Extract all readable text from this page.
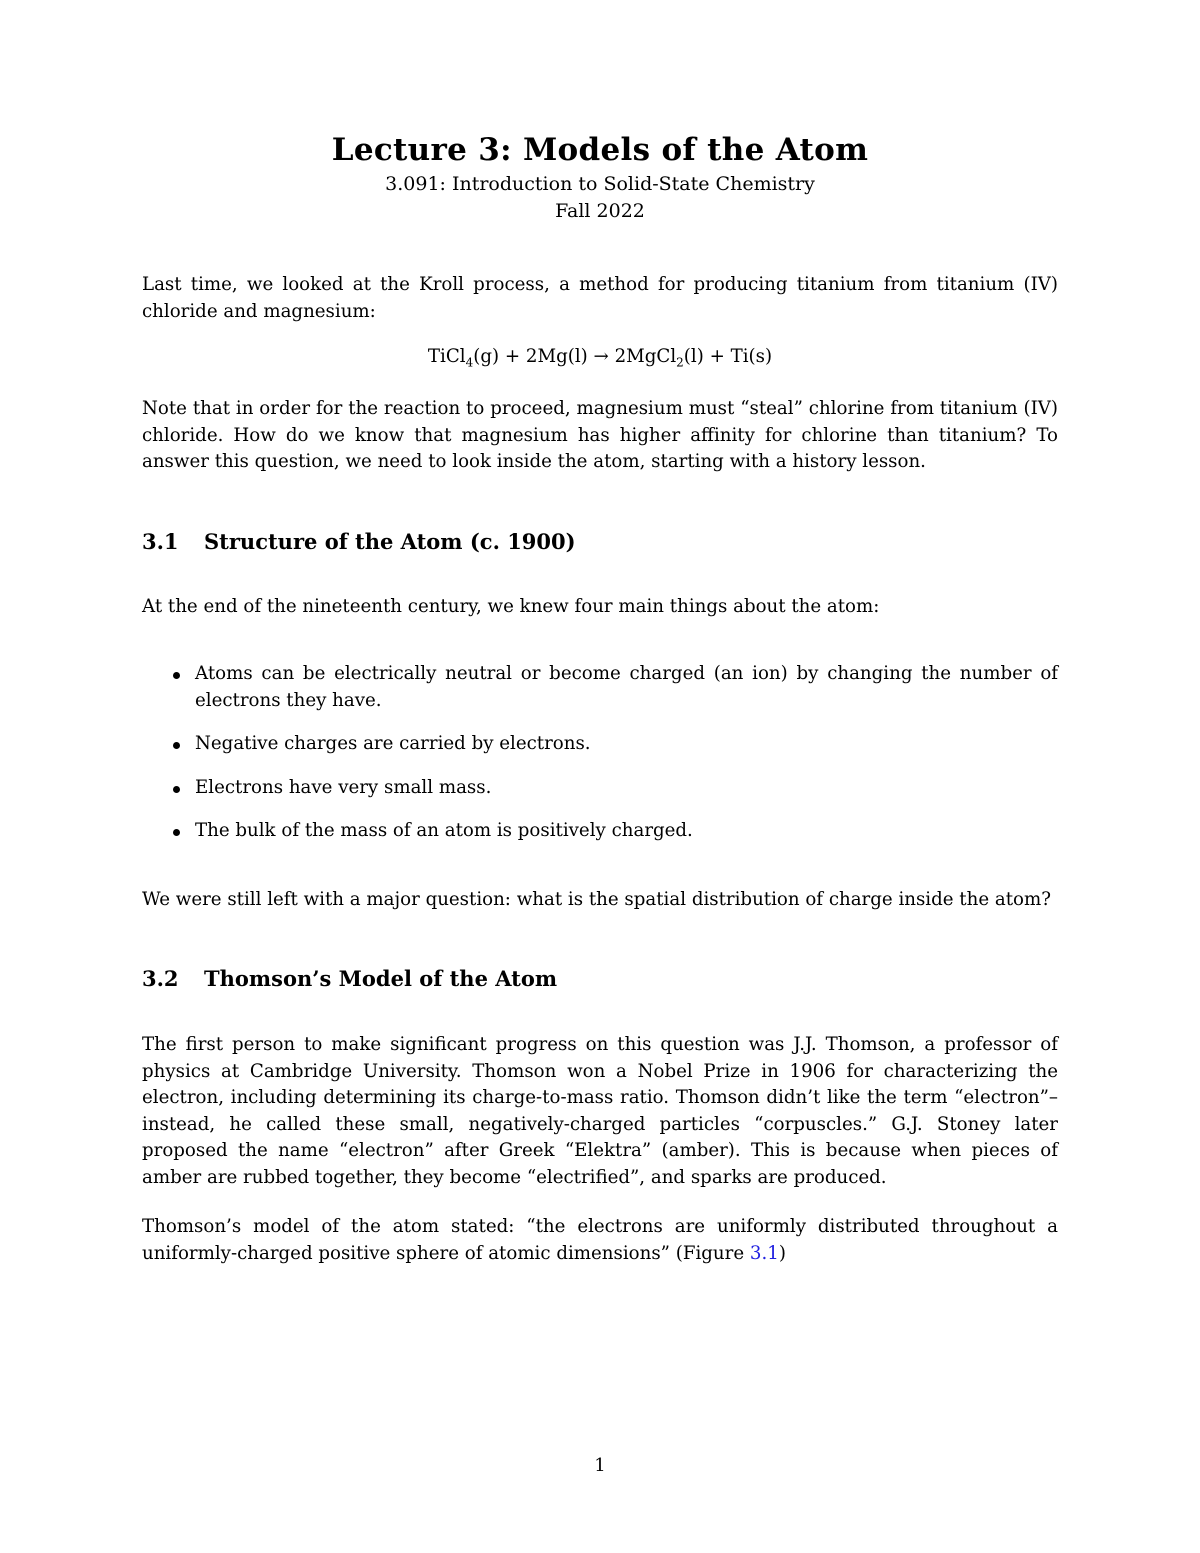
Lecture 3: Models of the Atom
3.091: Introduction to Solid-State Chemistry
Fall 2022
Last time, we looked at the Kroll process, a method for producing titanium from titanium (IV) chloride and magnesium:
TiCl$_4$(g) + 2Mg(l) → 2MgCl$_2$(l) + Ti(s)
Note that in order for the reaction to proceed, magnesium must “steal” chlorine from titanium (IV) chloride. How do we know that magnesium has higher affinity for chlorine than titanium? To answer this question, we need to look inside the atom, starting with a history lesson.
3.1 Structure of the Atom (c. 1900)
At the end of the nineteenth century, we knew four main things about the atom:
Atoms can be electrically neutral or become charged (an ion) by changing the number of electrons they have.
Negative charges are carried by electrons.
Electrons have very small mass.
The bulk of the mass of an atom is positively charged.
We were still left with a major question: what is the spatial distribution of charge inside the atom?
3.2 Thomson’s Model of the Atom
The first person to make significant progress on this question was J.J. Thomson, a professor of physics at Cambridge University. Thomson won a Nobel Prize in 1906 for characterizing the electron, including determining its charge-to-mass ratio. Thomson didn’t like the term “electron”– instead, he called these small, negatively-charged particles “corpuscles.” G.J. Stoney later proposed the name “electron” after Greek “Elektra” (amber). This is because when pieces of amber are rubbed together, they become “electrified”, and sparks are produced.
Thomson’s model of the atom stated: “the electrons are uniformly distributed throughout a uniformly-charged positive sphere of atomic dimensions” (Figure 3.1)
1
